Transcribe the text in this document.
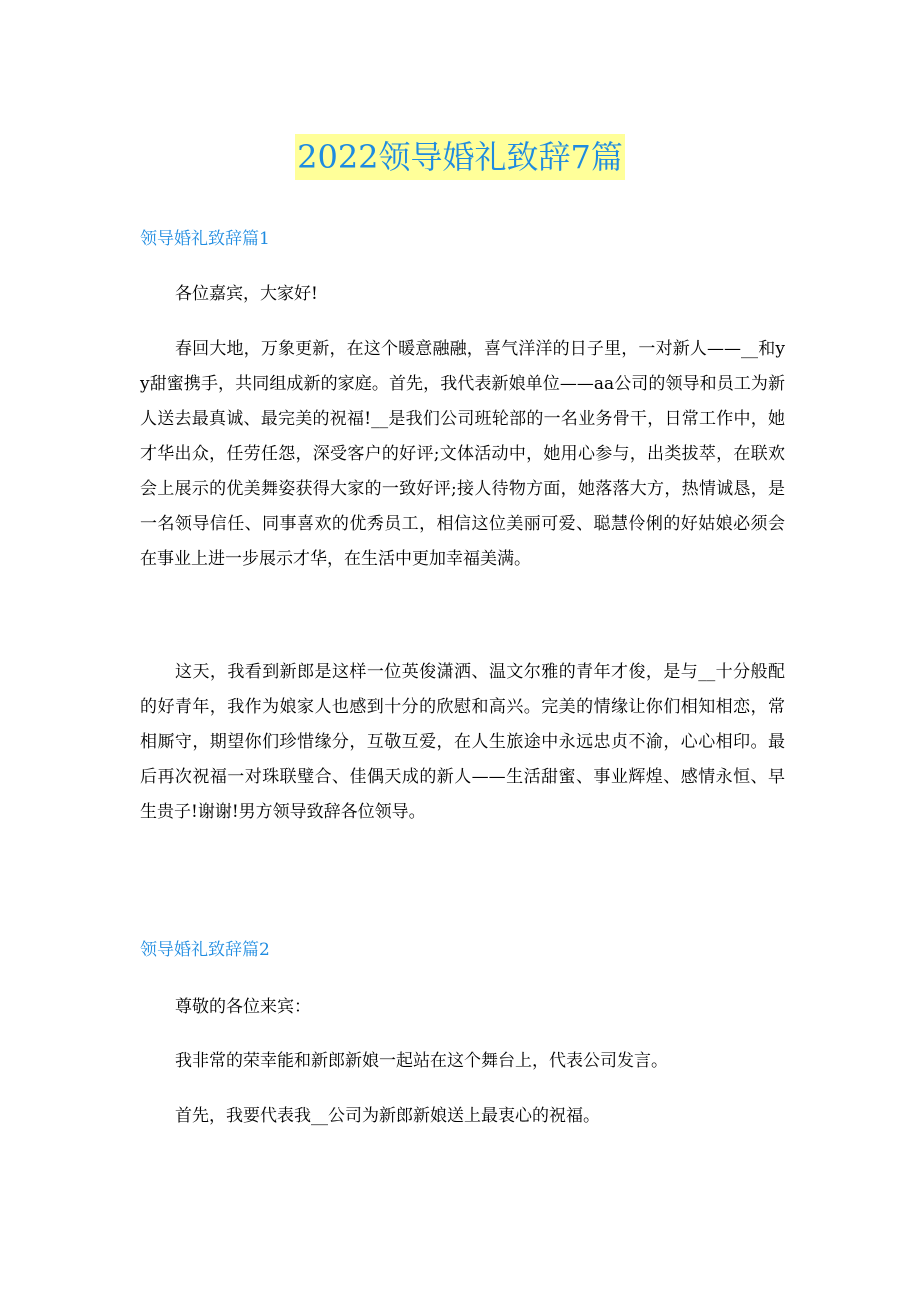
2022领导婚礼致辞7篇
领导婚礼致辞篇1
各位嘉宾，大家好!

春回大地，万象更新，在这个暖意融融，喜气洋洋的日子里，一对新人——__和yy甜蜜携手，共同组成新的家庭。首先，我代表新娘单位——aa公司的领导和员工为新人送去最真诚、最完美的祝福!__是我们公司班轮部的一名业务骨干，日常工作中，她才华出众，任劳任怨，深受客户的好评;文体活动中，她用心参与，出类拔萃，在联欢会上展示的优美舞姿获得大家的一致好评;接人待物方面，她落落大方，热情诚恳，是一名领导信任、同事喜欢的优秀员工，相信这位美丽可爱、聪慧伶俐的好姑娘必须会在事业上进一步展示才华，在生活中更加幸福美满。

这天，我看到新郎是这样一位英俊潇洒、温文尔雅的青年才俊，是与__十分般配的好青年，我作为娘家人也感到十分的欣慰和高兴。完美的情缘让你们相知相恋，常相厮守，期望你们珍惜缘分，互敬互爱，在人生旅途中永远忠贞不渝，心心相印。最后再次祝福一对珠联璧合、佳偶天成的新人——生活甜蜜、事业辉煌、感情永恒、早生贵子!谢谢!男方领导致辞各位领导。

领导婚礼致辞篇2
尊敬的各位来宾：
我非常的荣幸能和新郎新娘一起站在这个舞台上，代表公司发言。
首先，我要代表我__公司为新郎新娘送上最衷心的祝福。
